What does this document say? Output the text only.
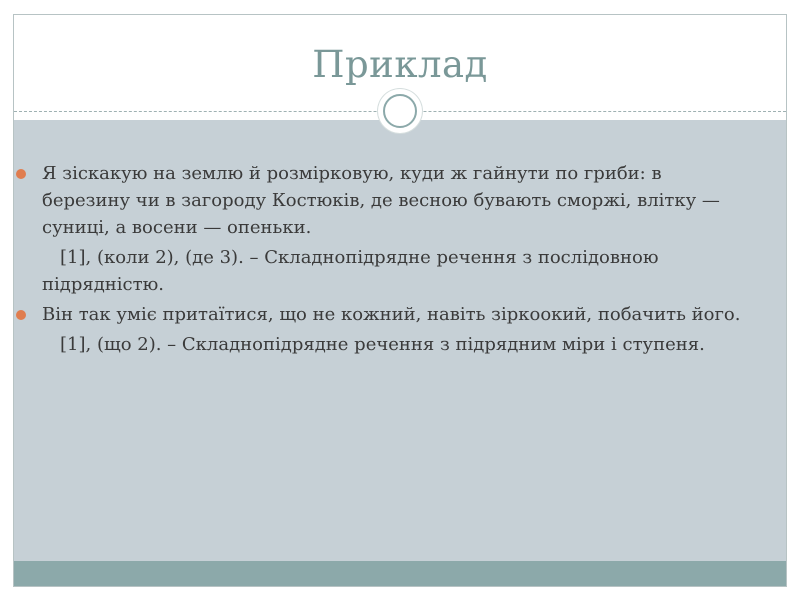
Приклад
Я зіскакую на землю й розмірковую, куди ж гайнути по гриби: в березину чи в загороду Костюків, де весною бувають сморжі, влітку — суниці, а восени — опеньки.
[1], (коли 2), (де 3). – Складнопідрядне речення з послідовною
підрядністю.
Він так уміє притаїтися, що не кожний, навіть зіркоокий, побачить його.
[1], (що 2). – Складнопідрядне речення з підрядним міри і ступеня.
